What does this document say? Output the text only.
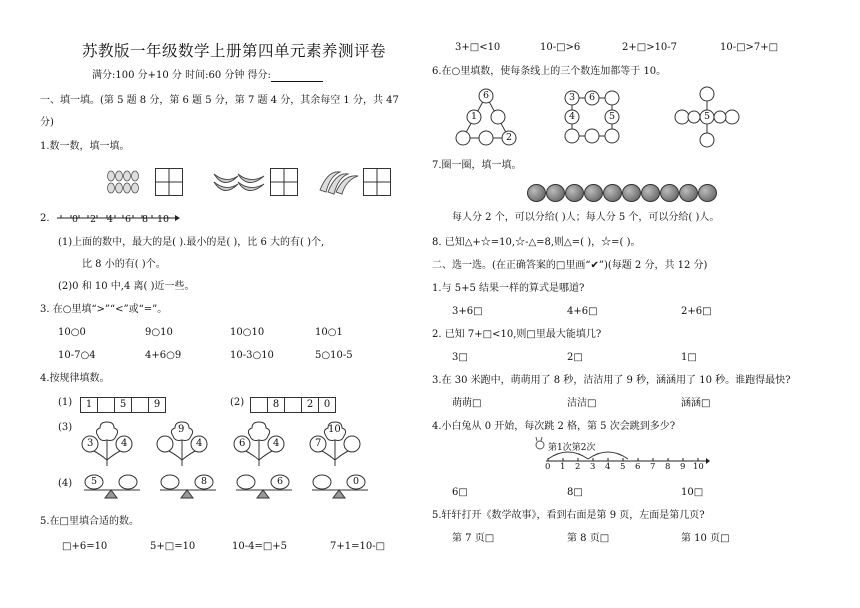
苏教版一年级数学上册第四单元素养测评卷
满分:100 分+10 分 时间:60 分钟 得分:
一、填一填。(第 5 题 8 分，第 6 题 5 分，第 7 题 4 分，其余每空 1 分，共 47
分)
1.数一数，填一填。
2. 0 2 4 6 8 10
(1)上面的数中，最大的是( ).最小的是( )，比 6 大的有( )个,
比 8 小的有( )个。
(2)0 和 10 中,4 离( )近一些。
3. 在○里填“>”“<”或“=”。
10○0	9○10	10○10	10○1
10-7○4	4+6○9	10-3○10	5○10-5
4.按规律填数。
(1)	1	5	9	(2)	8	2	0
(3)
3	4
9
4	6	4
10
7
(4) 5	8	6	0
5.在□里填合适的数。
□+6=10	5+□=10	10-4=□+5	7+1=10-□
3+□<10	10-□>6	2+□>10-7	10-□>7+□
6.在○里填数，使每条线上的三个数连加都等于 10。
6
1
2
3 6
4	5	5
7.圈一圈，填一填。
每人分 2 个，可以分给( )人；每人分 5 个，可以分给( )人。
8. 已知△+☆=10,☆-△=8,则△=( )，☆=( )。
二、选一选。(在正确答案的□里画“✔”)(每题 2 分，共 12 分)
1.与 5+5 结果一样的算式是哪道?
3+6□	4+6□	2+6□
2. 已知 7+□<10,则□里最大能填几?
3□	2□	1□
3.在 30 米跑中，萌萌用了 8 秒，洁洁用了 9 秒，涵涵用了 10 秒。谁跑得最快?
萌萌□	洁洁□	涵涵□
4.小白兔从 0 开始，每次跳 2 格，第 5 次会跳到多少?
第1次第2次
0 1 2 3 4 5 6 7 8 9 10
6□	8□	10□
5.轩轩打开《数学故事》，看到右面是第 9 页，左面是第几页?
第 7 页□	第 8 页□	第 10 页□
